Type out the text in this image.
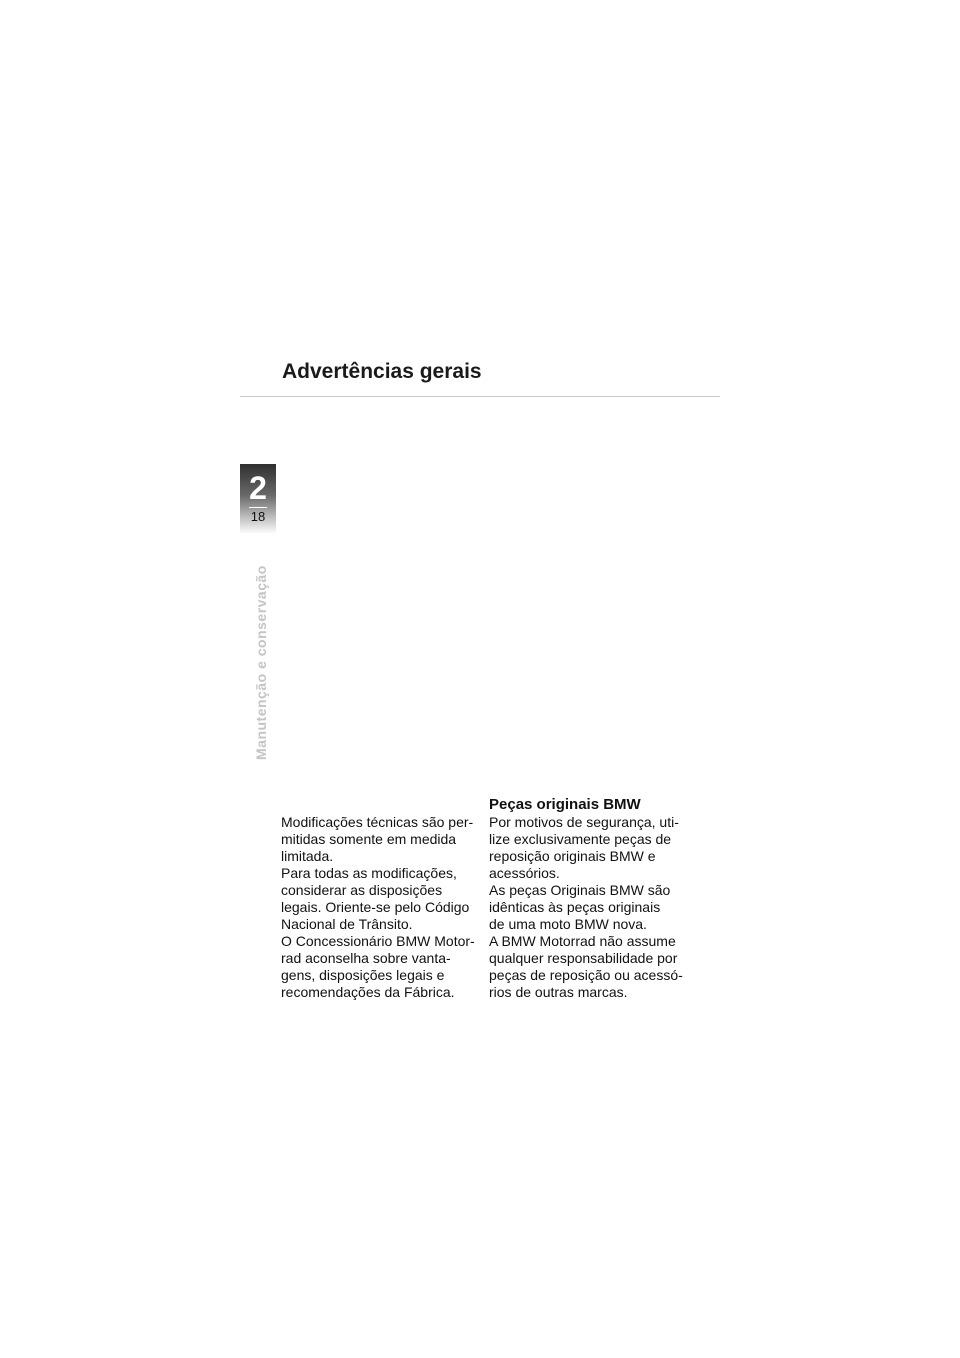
Advertências gerais
2
18
Manutenção e conservação
Modificações técnicas são per-
mitidas somente em medida
limitada.
Para todas as modificações,
considerar as disposições
legais. Oriente-se pelo Código
Nacional de Trânsito.
O Concessionário BMW Motor-
rad aconselha sobre vanta-
gens, disposições legais e
recomendações da Fábrica.
Peças originais BMW
Por motivos de segurança, uti-
lize exclusivamente peças de
reposição originais BMW e
acessórios.
As peças Originais BMW são
idênticas às peças originais
de uma moto BMW nova.
A BMW Motorrad não assume
qualquer responsabilidade por
peças de reposição ou acessó-
rios de outras marcas.
